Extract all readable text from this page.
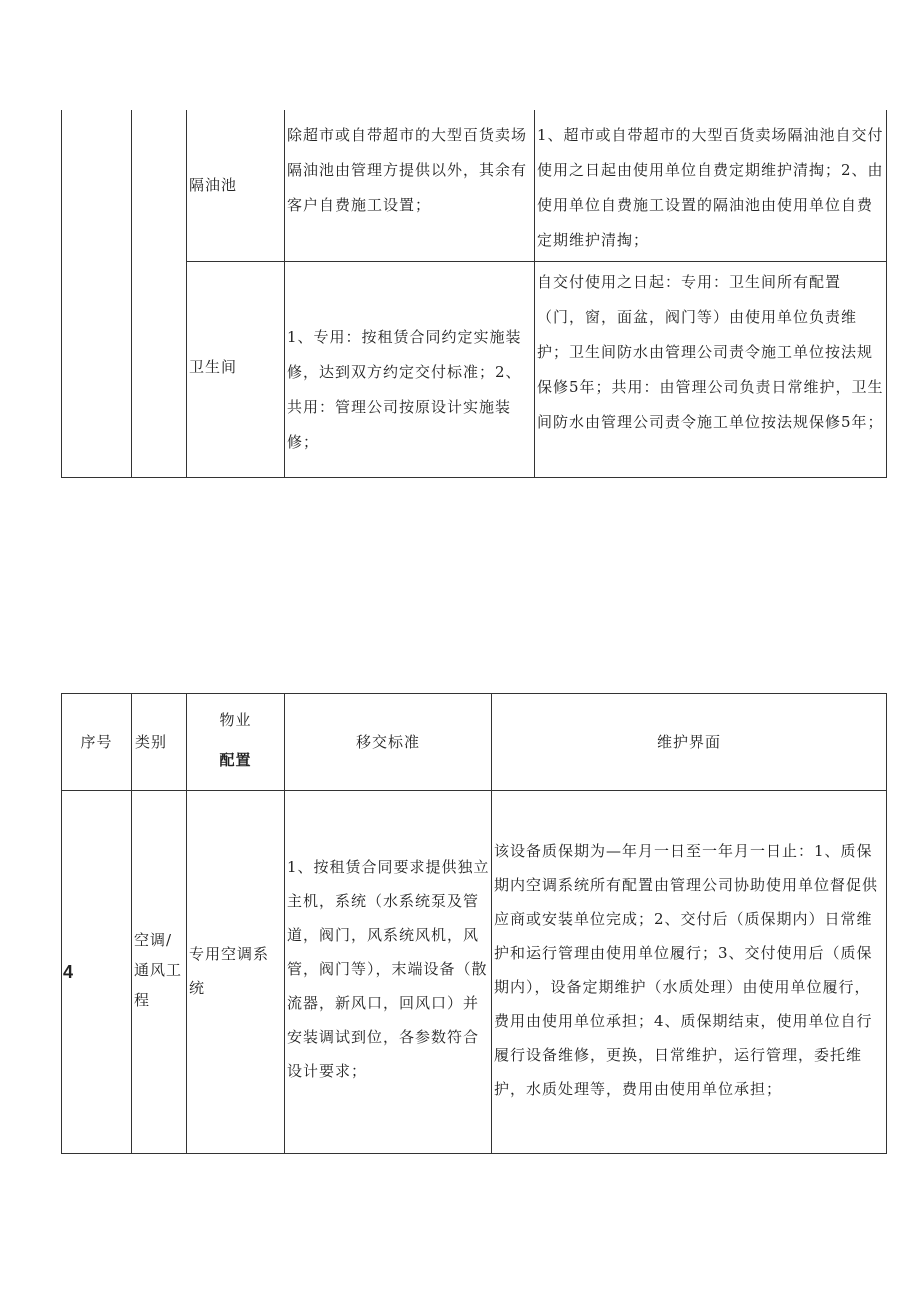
隔油池
除超市或自带超市的大型百货卖场隔油池由管理方提供以外，其余有客户自费施工设置；
1、超市或自带超市的大型百货卖场隔油池自交付使用之日起由使用单位自费定期维护清掏；2、由使用单位自费施工设置的隔油池由使用单位自费定期维护清掏；
卫生间
1、专用：按租赁合同约定实施装修，达到双方约定交付标准；2、共用：管理公司按原设计实施装修；
自交付使用之日起：专用：卫生间所有配置（门，窗，面盆，阀门等）由使用单位负责维护；卫生间防水由管理公司责令施工单位按法规保修5年；共用：由管理公司负责日常维护，卫生间防水由管理公司责令施工单位按法规保修5年；
序号	类别
物业
配置
移交标准	维护界面
4
空调/通风工程
专用空调系统
1、按租赁合同要求提供独立主机，系统（水系统泵及管道，阀门，风系统风机，风管，阀门等），末端设备（散流器，新风口，回风口）并安装调试到位，各参数符合设计要求；
该设备质保期为—年月一日至一年月一日止：1、质保期内空调系统所有配置由管理公司协助使用单位督促供应商或安装单位完成；2、交付后（质保期内）日常维护和运行管理由使用单位履行；3、交付使用后（质保期内），设备定期维护（水质处理）由使用单位履行，费用由使用单位承担；4、质保期结束，使用单位自行履行设备维修，更换，日常维护，运行管理，委托维护，水质处理等，费用由使用单位承担；
